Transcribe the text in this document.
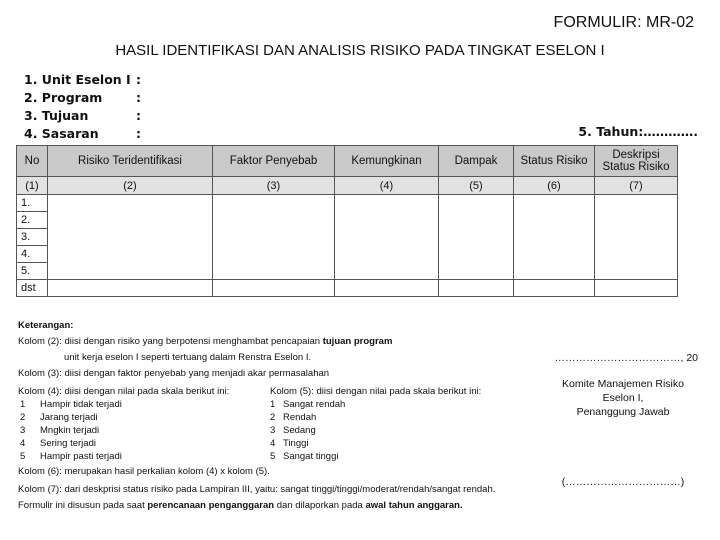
FORMULIR: MR-02
HASIL IDENTIFIKASI DAN ANALISIS RISIKO PADA TINGKAT ESELON I
1. Unit Eselon I :
2. Program	:
3. Tujuan	:
4. Sasaran	:	5. Tahun:………….
No	Risiko Teridentifikasi	Faktor Penyebab	Kemungkinan	Dampak	Status Risiko	Deskripsi Status Risiko
(1)	(2)	(3)	(4)	(5)	(6)	(7)
1.						
2.						
3.						
4.						
5.						
dst						
Keterangan:
Kolom (2): diisi dengan risiko yang berpotensi menghambat pencapaian tujuan program
unit kerja eselon I seperti tertuang dalam Renstra Eselon I.
Kolom (3): diisi dengan faktor penyebab yang menjadi akar permasalahan
Kolom (4): diisi dengan nilai pada skala berikut ini:	Kolom (5): diisi dengan nilai pada skala berikut ini:
1 Hampir tidak terjadi
2 Jarang terjadi
3 Mngkin terjadi
4 Sering terjadi
5 Hampir pasti terjadi
1 Sangat rendah
2 Rendah
3 Sedang
4 Tinggi
5 Sangat tinggi
Kolom (6): merupakan hasil perkalian kolom (4) x kolom (5).
Kolom (7): dari deskprisi status risiko pada Lampiran III, yaitu: sangat tinggi/tinggi/moderat/rendah/sangat rendah.
Formulir ini disusun pada saat perencanaan penganggaran dan dilaporkan pada awal tahun anggaran.
………………………………, 20
Komite Manajemen Risiko
Eselon I,
Penanggung Jawab
(……………………………)
